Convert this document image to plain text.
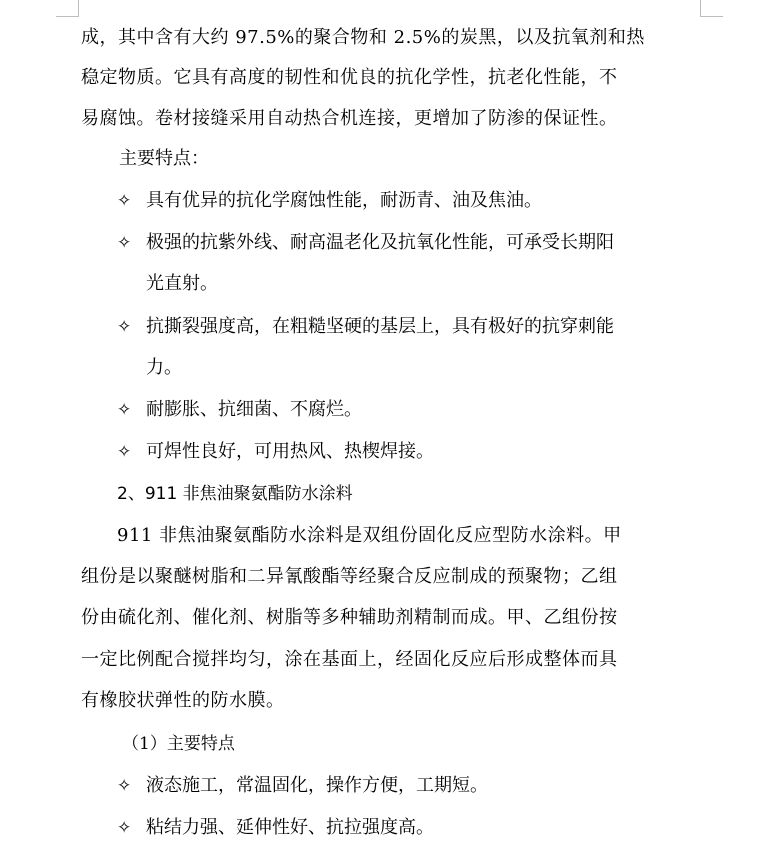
成，其中含有大约 97.5%的聚合物和 2.5%的炭黑，以及抗氧剂和热
稳定物质。它具有高度的韧性和优良的抗化学性，抗老化性能，不
易腐蚀。卷材接缝采用自动热合机连接，更增加了防渗的保证性。
主要特点：
✧ 具有优异的抗化学腐蚀性能，耐沥青、油及焦油。
✧ 极强的抗紫外线、耐高温老化及抗氧化性能，可承受长期阳
光直射。
✧ 抗撕裂强度高，在粗糙坚硬的基层上，具有极好的抗穿刺能
力。
✧ 耐膨胀、抗细菌、不腐烂。
✧ 可焊性良好，可用热风、热楔焊接。
2、911 非焦油聚氨酯防水涂料
911 非焦油聚氨酯防水涂料是双组份固化反应型防水涂料。甲
组份是以聚醚树脂和二异氰酸酯等经聚合反应制成的预聚物；乙组
份由硫化剂、催化剂、树脂等多种辅助剂精制而成。甲、乙组份按
一定比例配合搅拌均匀，涂在基面上，经固化反应后形成整体而具
有橡胶状弹性的防水膜。
（1）主要特点
✧ 液态施工，常温固化，操作方便，工期短。
✧ 粘结力强、延伸性好、抗拉强度高。
